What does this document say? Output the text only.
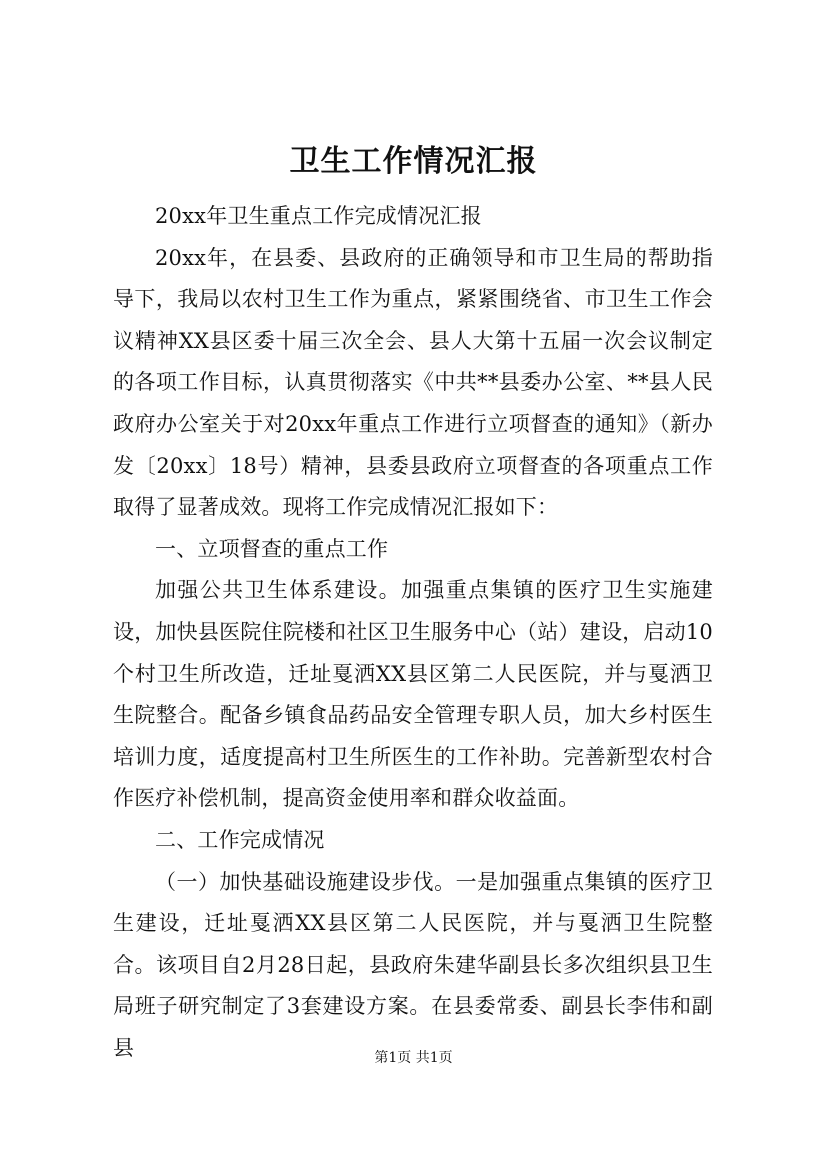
卫生工作情况汇报

20xx年卫生重点工作完成情况汇报

20xx年，在县委、县政府的正确领导和市卫生局的帮助指导下，我局以农村卫生工作为重点，紧紧围绕省、市卫生工作会议精神XX县区委十届三次全会、县人大第十五届一次会议制定的各项工作目标，认真贯彻落实《中共**县委办公室、**县人民政府办公室关于对20xx年重点工作进行立项督查的通知》（新办发〔20xx〕18号）精神，县委县政府立项督查的各项重点工作取得了显著成效。现将工作完成情况汇报如下：

一、立项督查的重点工作

加强公共卫生体系建设。加强重点集镇的医疗卫生实施建设，加快县医院住院楼和社区卫生服务中心（站）建设，启动10个村卫生所改造，迁址戛洒XX县区第二人民医院，并与戛洒卫生院整合。配备乡镇食品药品安全管理专职人员，加大乡村医生培训力度，适度提高村卫生所医生的工作补助。完善新型农村合作医疗补偿机制，提高资金使用率和群众收益面。

二、工作完成情况

（一）加快基础设施建设步伐。一是加强重点集镇的医疗卫生建设，迁址戛洒XX县区第二人民医院，并与戛洒卫生院整合。该项目自2月28日起，县政府朱建华副县长多次组织县卫生局班子研究制定了3套建设方案。在县委常委、副县长李伟和副县	第1页 共1页
